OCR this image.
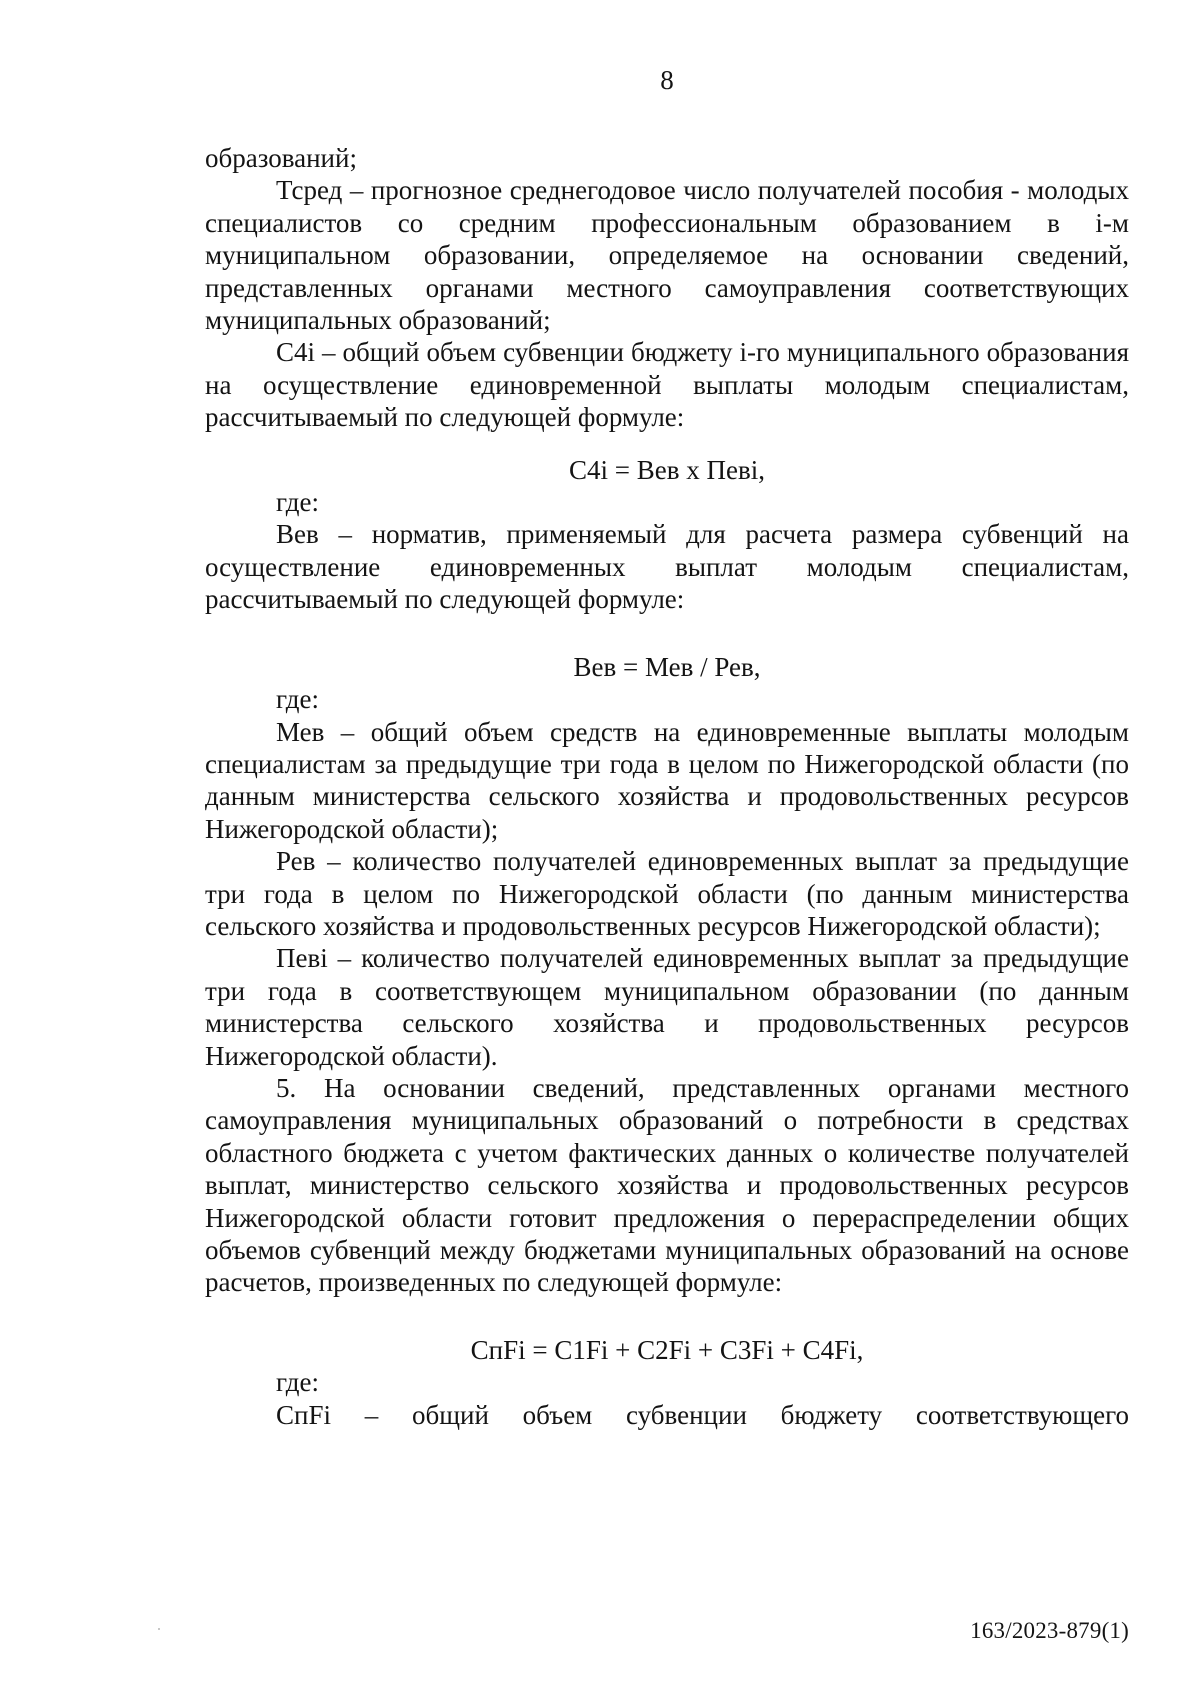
8

образований;

Тсред – прогнозное среднегодовое число получателей пособия - молодых специалистов со средним профессиональным образованием в i-м муниципальном образовании, определяемое на основании сведений, представленных органами местного самоуправления соответствующих муниципальных образований;

С4i – общий объем субвенции бюджету i-го муниципального образования на осуществление единовременной выплаты молодым специалистам, рассчитываемый по следующей формуле:

С4i = Вев х Певi,

где:

Вев – норматив, применяемый для расчета размера субвенций на осуществление единовременных выплат молодым специалистам, рассчитываемый по следующей формуле:

Вев = Мев / Рев,

где:

Мев – общий объем средств на единовременные выплаты молодым специалистам за предыдущие три года в целом по Нижегородской области (по данным министерства сельского хозяйства и продовольственных ресурсов Нижегородской области);

Рев – количество получателей единовременных выплат за предыдущие три года в целом по Нижегородской области (по данным министерства сельского хозяйства и продовольственных ресурсов Нижегородской области);

Певi – количество получателей единовременных выплат за предыдущие три года в соответствующем муниципальном образовании (по данным министерства сельского хозяйства и продовольственных ресурсов Нижегородской области).

5. На основании сведений, представленных органами местного самоуправления муниципальных образований о потребности в средствах областного бюджета с учетом фактических данных о количестве получателей выплат, министерство сельского хозяйства и продовольственных ресурсов Нижегородской области готовит предложения о перераспределении общих объемов субвенций между бюджетами муниципальных образований на основе расчетов, произведенных по следующей формуле:

СпFi = С1Fi + С2Fi + С3Fi + С4Fi,

где:

СпFi – общий объем субвенции бюджету соответствующего

163/2023-879(1)
